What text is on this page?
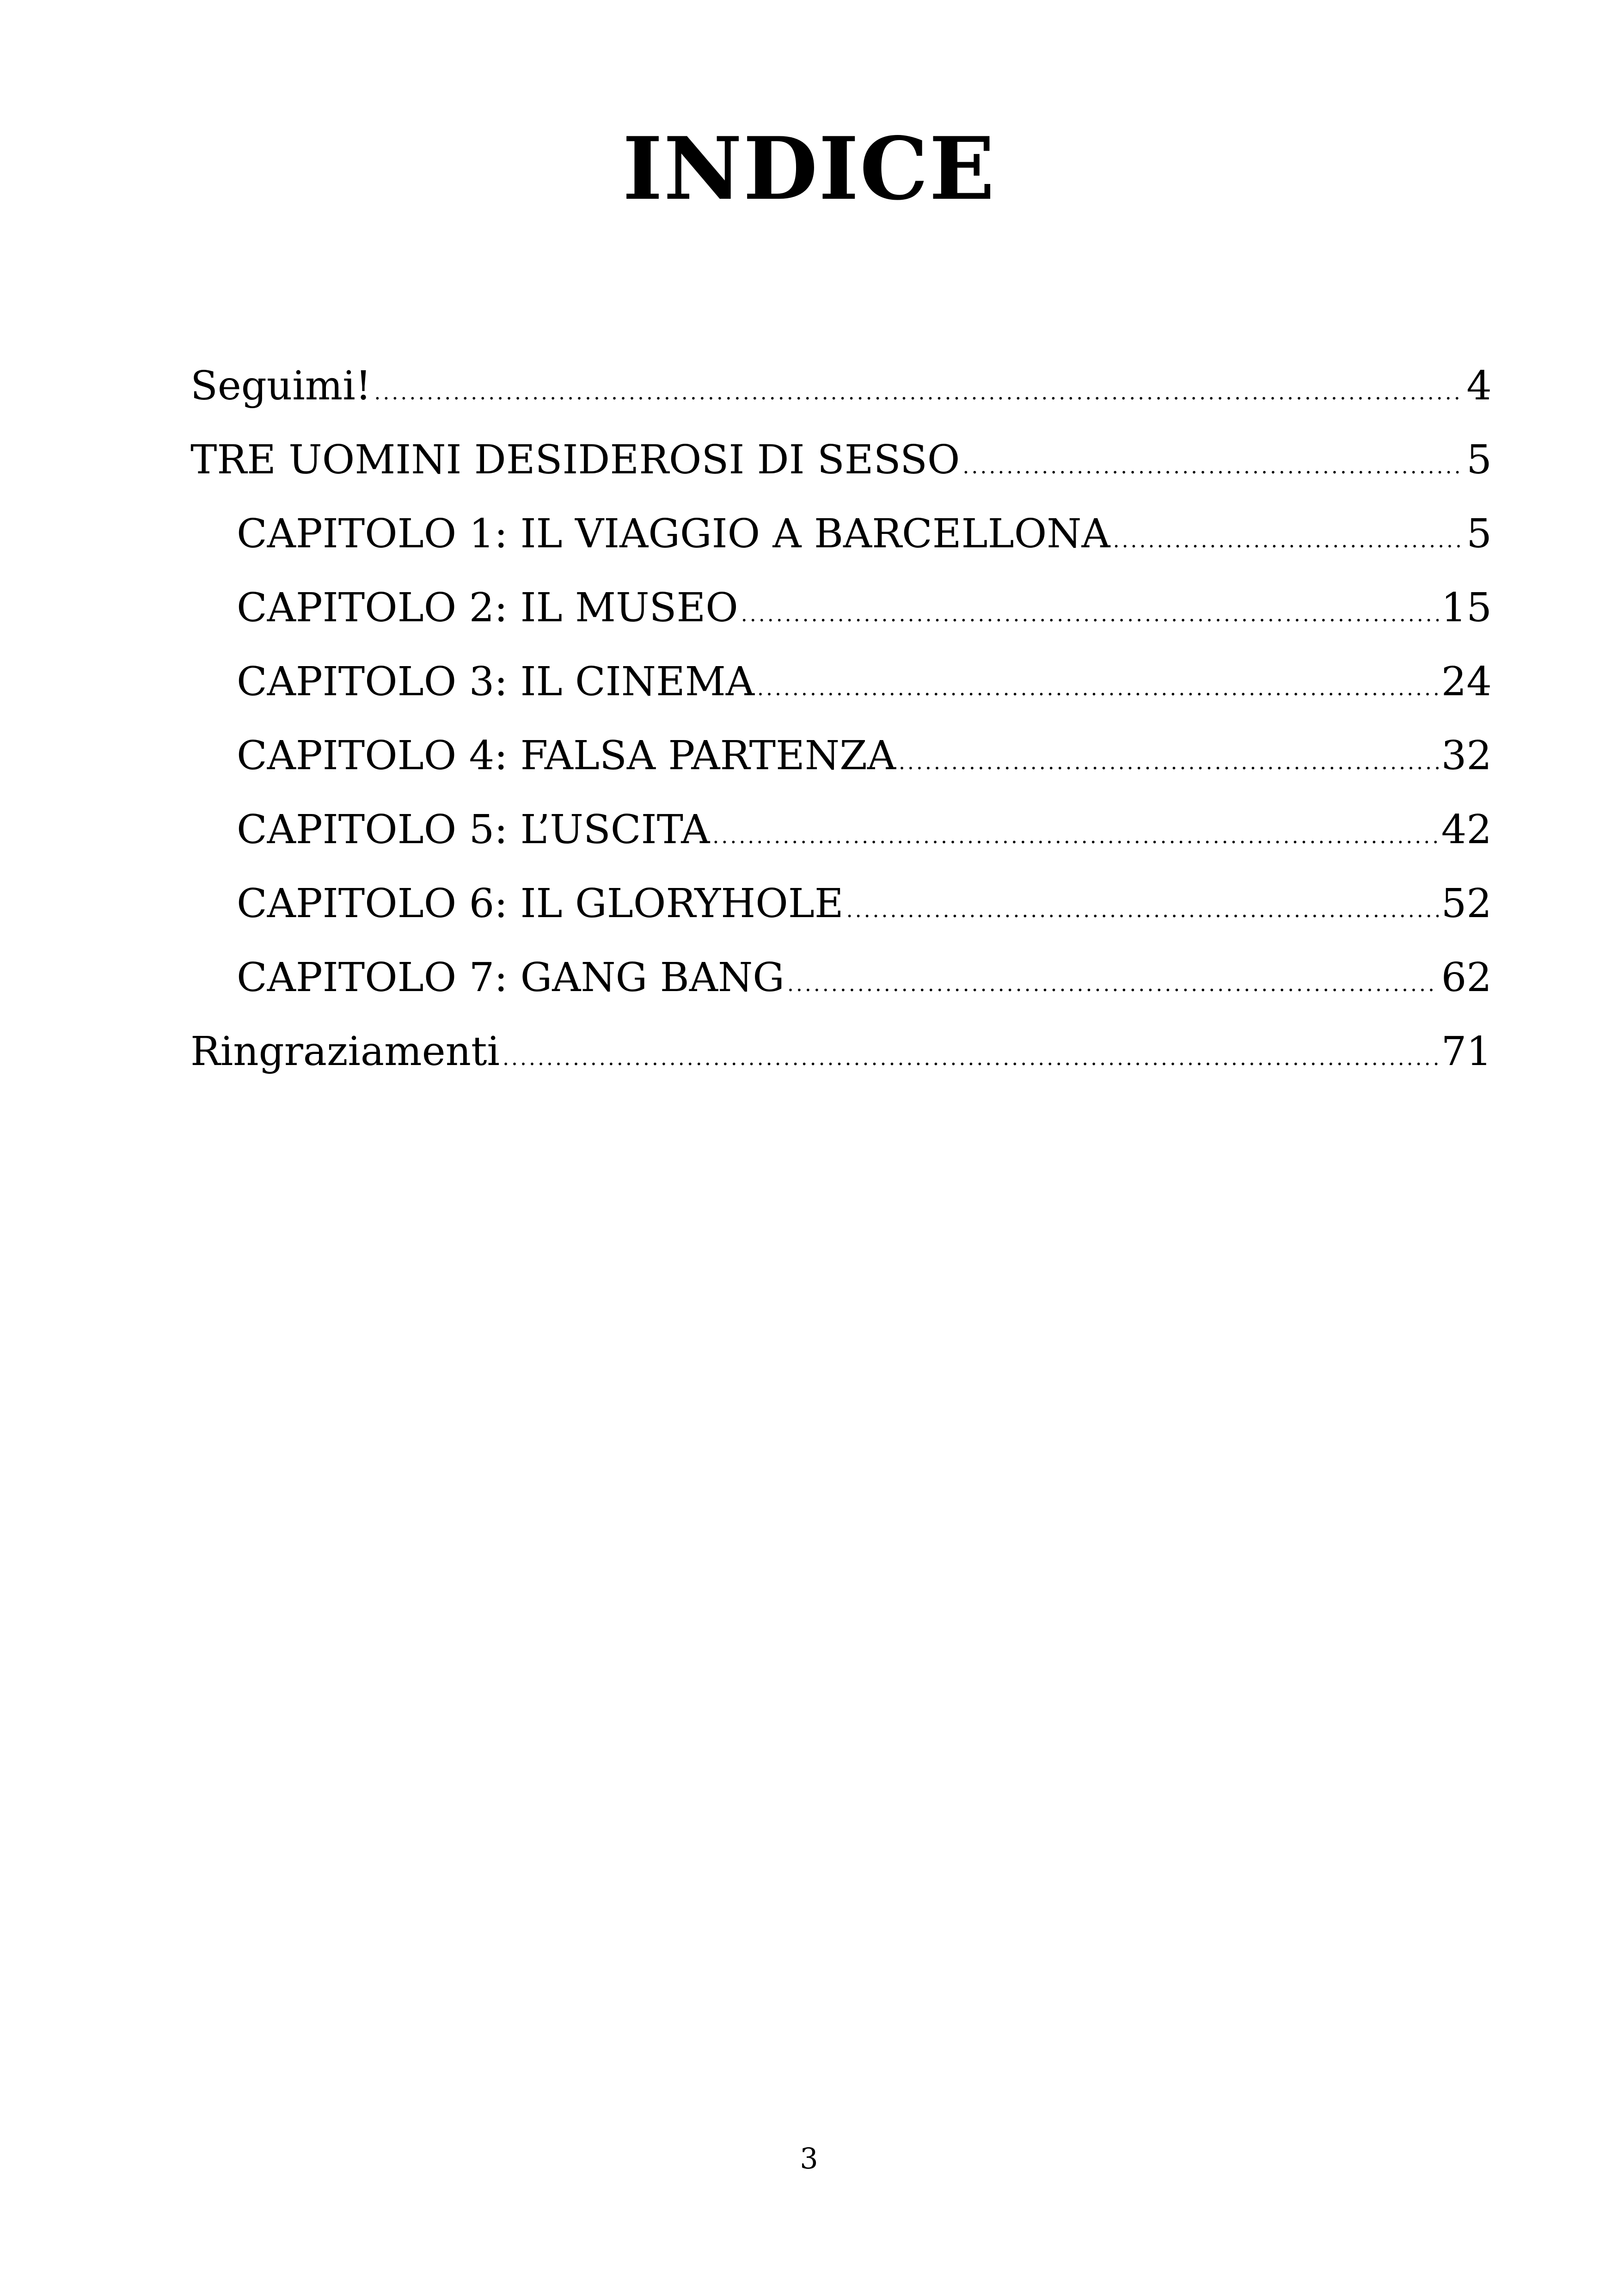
INDICE
Seguimi! .....	4
TRE UOMINI DESIDEROSI DI SESSO .....	5
CAPITOLO 1: IL VIAGGIO A BARCELLONA .....	5
CAPITOLO 2: IL MUSEO .....	15
CAPITOLO 3: IL CINEMA .....	24
CAPITOLO 4: FALSA PARTENZA .....	32
CAPITOLO 5: L’USCITA .....	42
CAPITOLO 6: IL GLORYHOLE .....	52
CAPITOLO 7: GANG BANG .....	62
Ringraziamenti .....	71

3
